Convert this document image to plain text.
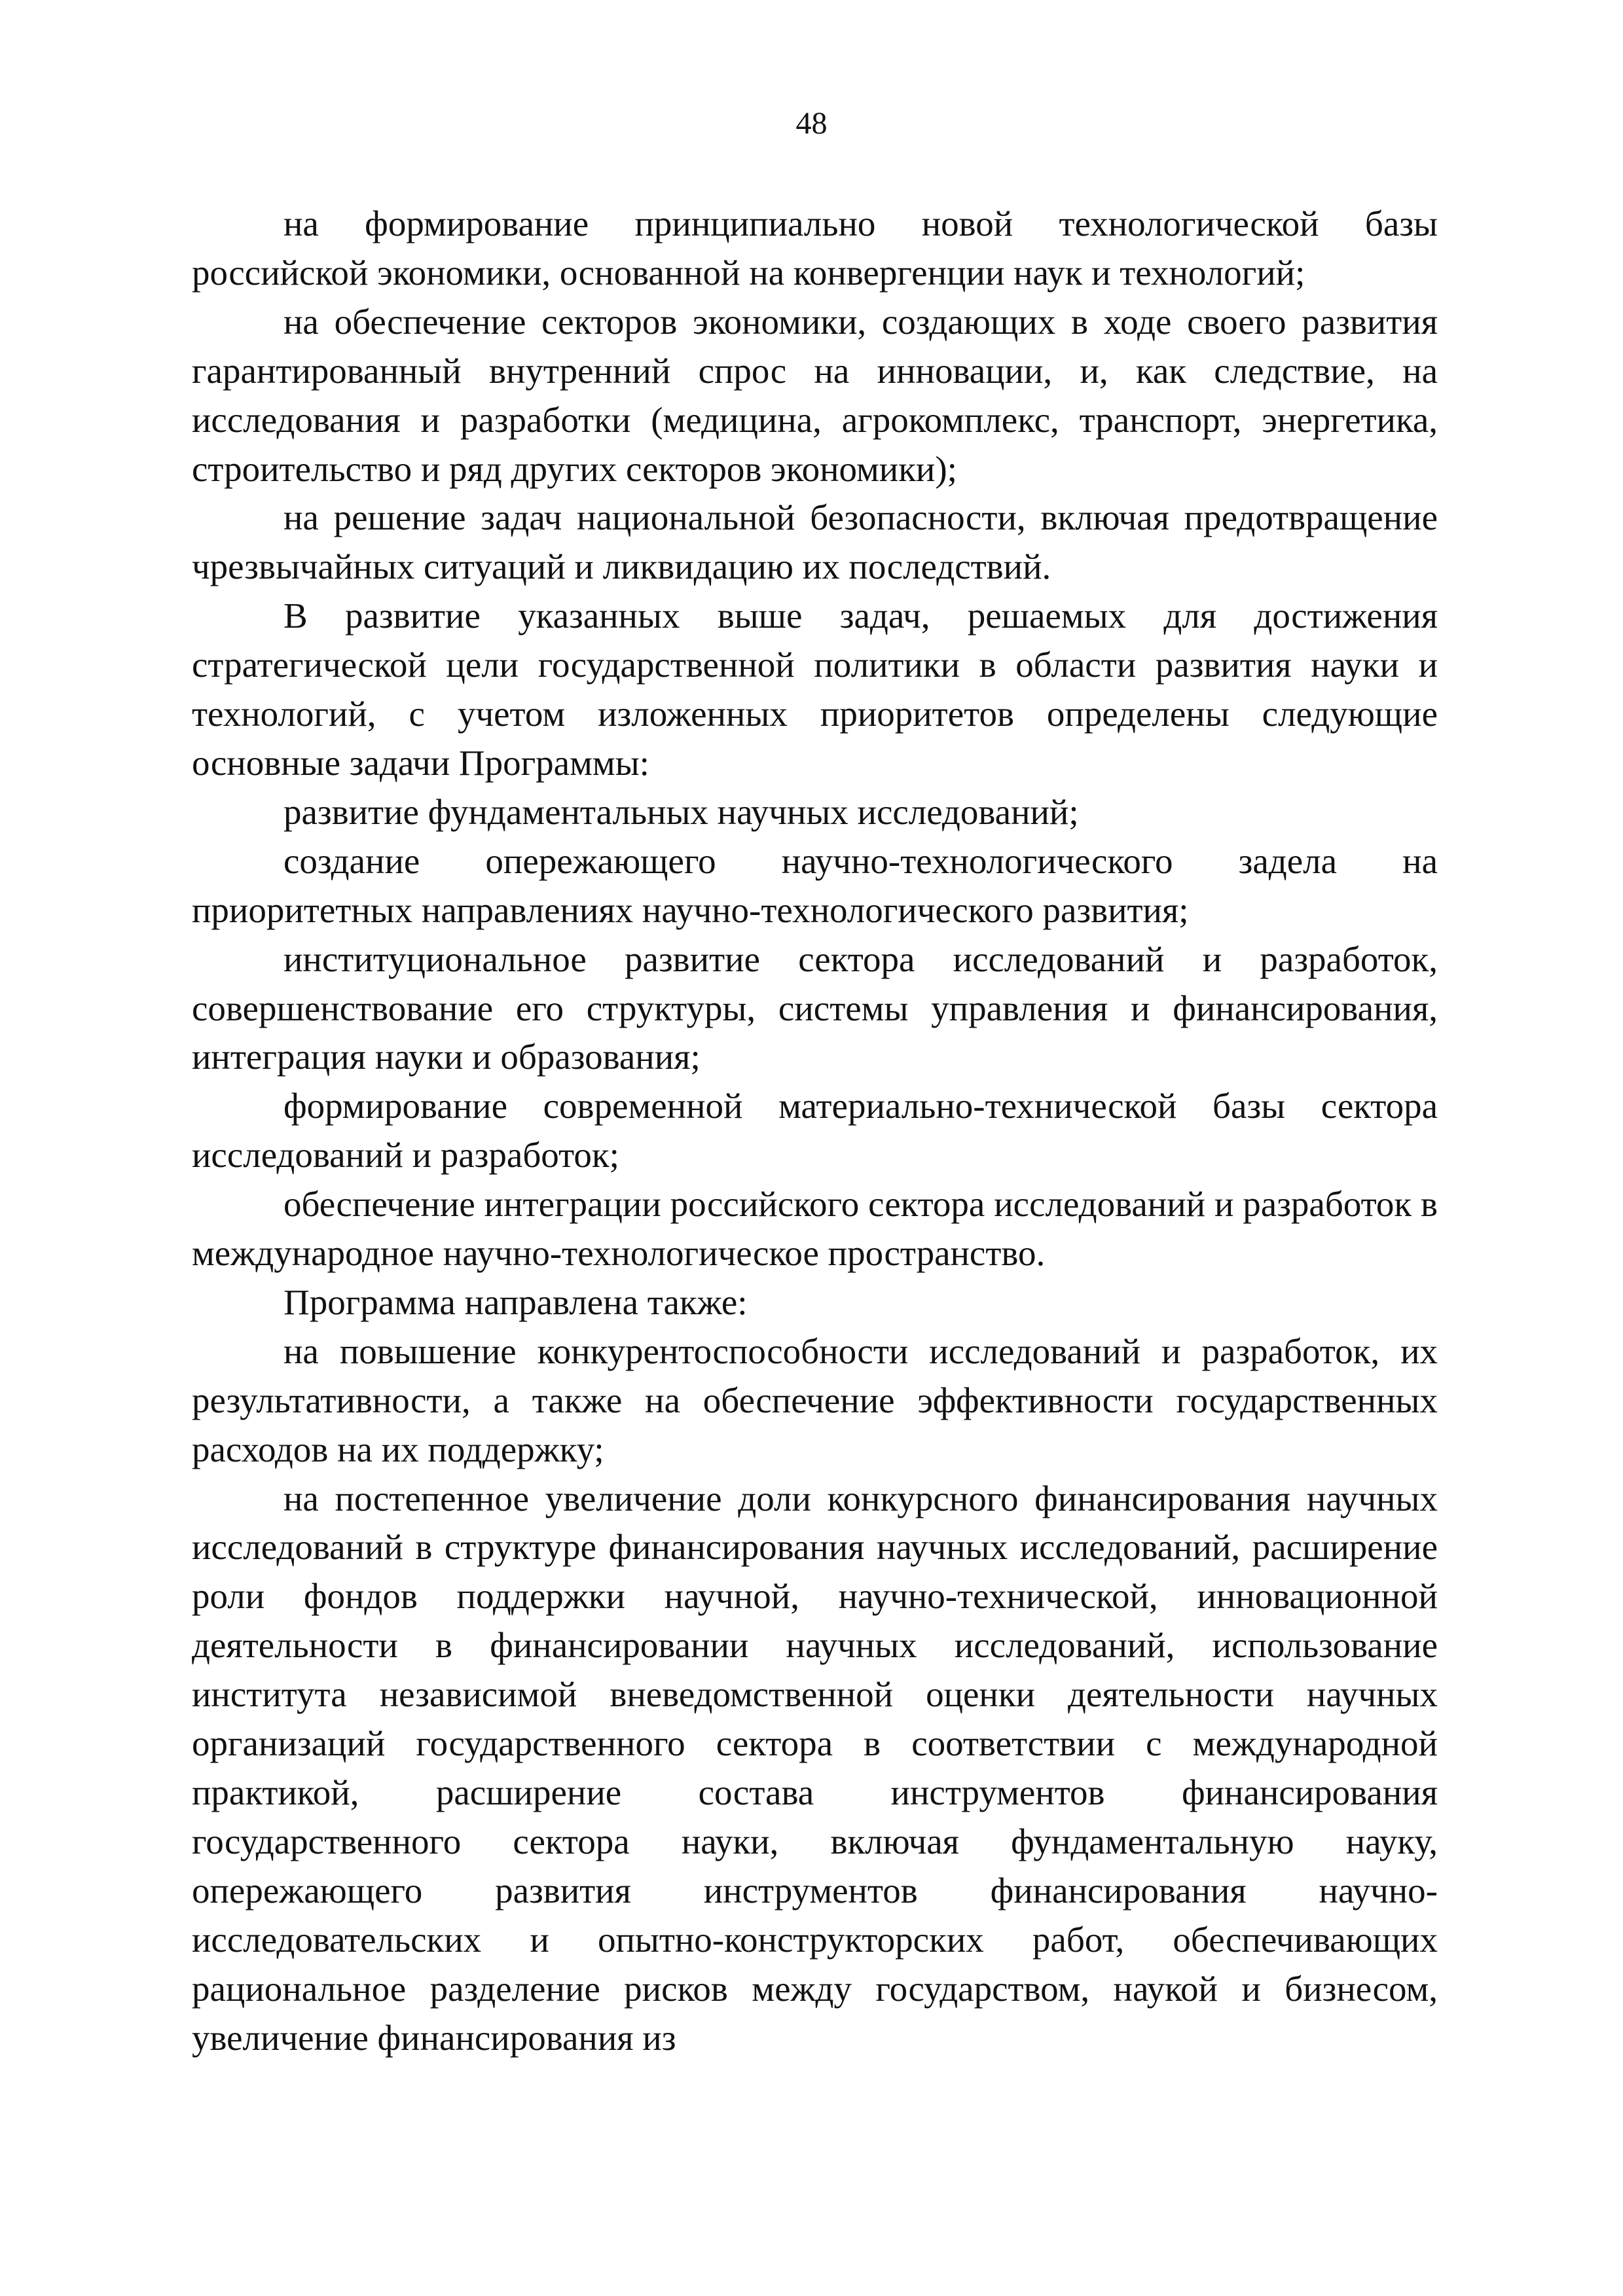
48

на формирование принципиально новой технологической базы российской экономики, основанной на конвергенции наук и технологий;

на обеспечение секторов экономики, создающих в ходе своего развития гарантированный внутренний спрос на инновации, и, как следствие, на исследования и разработки (медицина, агрокомплекс, транспорт, энергетика, строительство и ряд других секторов экономики);

на решение задач национальной безопасности, включая предотвращение чрезвычайных ситуаций и ликвидацию их последствий.

В развитие указанных выше задач, решаемых для достижения стратегической цели государственной политики в области развития науки и технологий, с учетом изложенных приоритетов определены следующие основные задачи Программы:

развитие фундаментальных научных исследований;

создание опережающего научно-технологического задела на приоритетных направлениях научно-технологического развития;

институциональное развитие сектора исследований и разработок, совершенствование его структуры, системы управления и финансирования, интеграция науки и образования;

формирование современной материально-технической базы сектора исследований и разработок;

обеспечение интеграции российского сектора исследований и разработок в международное научно-технологическое пространство.

Программа направлена также:

на повышение конкурентоспособности исследований и разработок, их результативности, а также на обеспечение эффективности государственных расходов на их поддержку;

на постепенное увеличение доли конкурсного финансирования научных исследований в структуре финансирования научных исследований, расширение роли фондов поддержки научной, научно-технической, инновационной деятельности в финансировании научных исследований, использование института независимой вневедомственной оценки деятельности научных организаций государственного сектора в соответствии с международной практикой, расширение состава инструментов финансирования государственного сектора науки, включая фундаментальную науку, опережающего развития инструментов финансирования научно-исследовательских и опытно-конструкторских работ, обеспечивающих рациональное разделение рисков между государством, наукой и бизнесом, увеличение финансирования из
